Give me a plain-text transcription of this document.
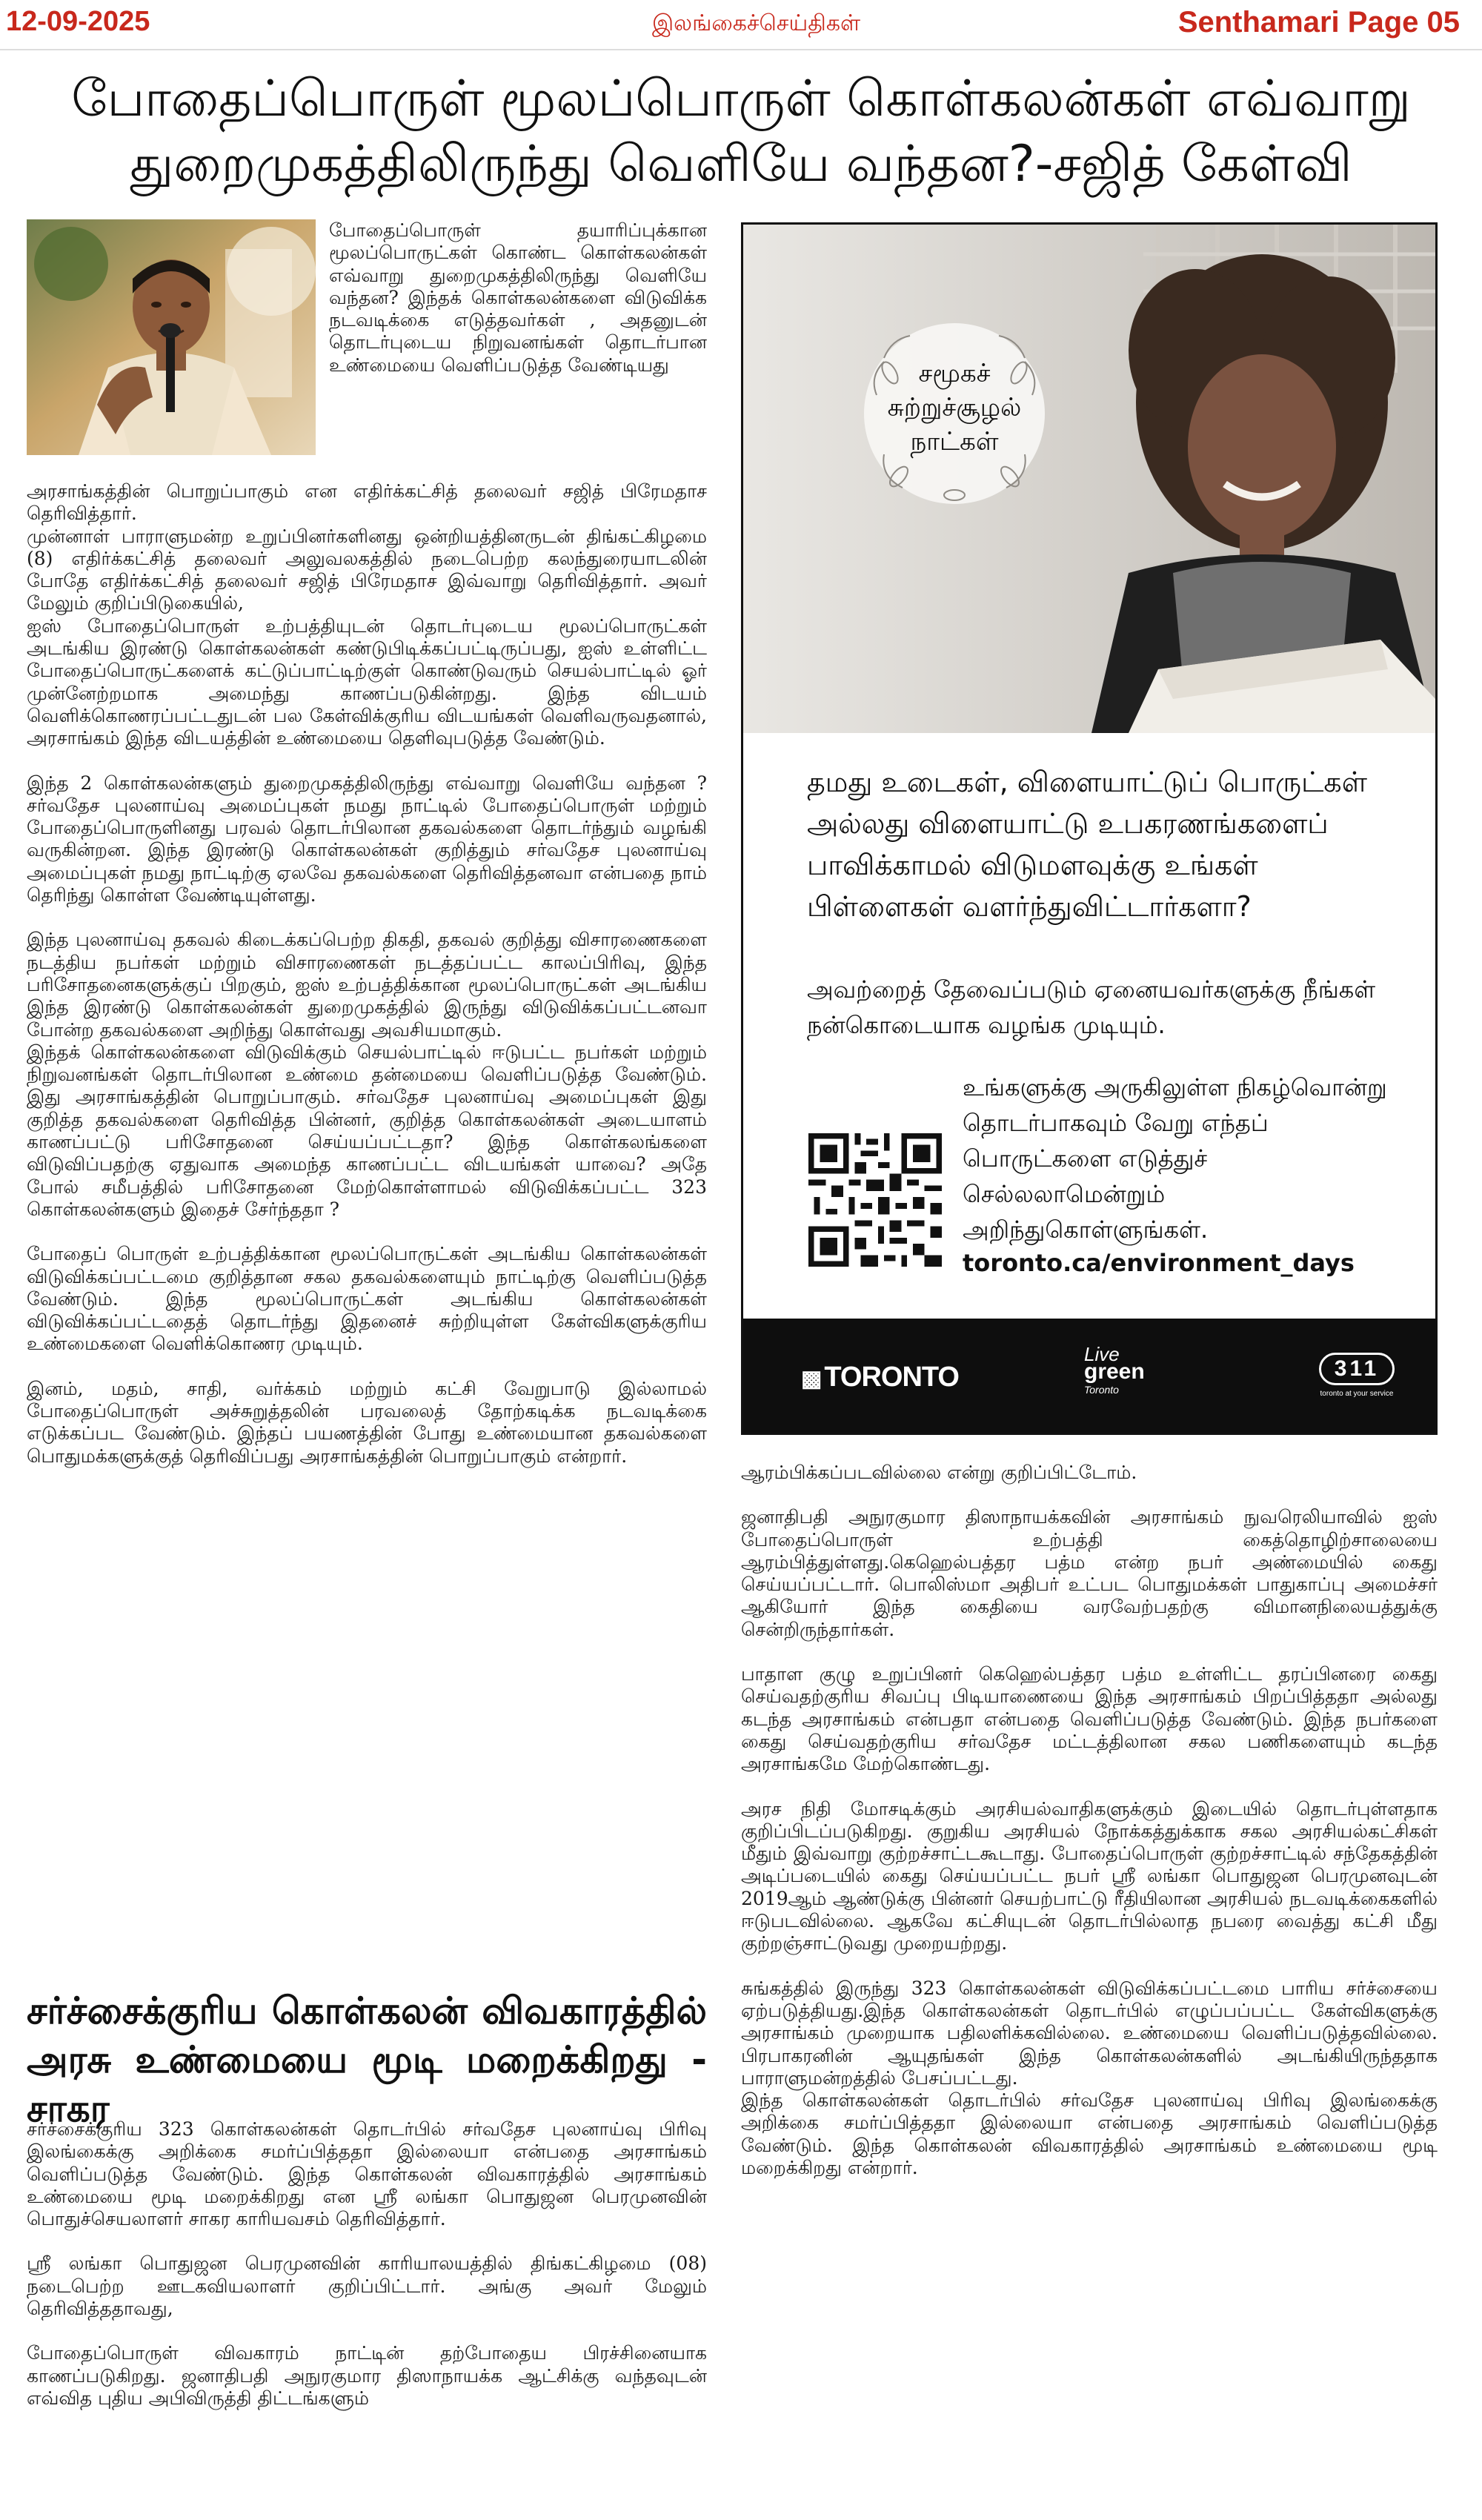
12-09-2025	இலங்கைச்செய்திகள்	Senthamari Page 05
போதைப்பொருள் மூலப்பொருள் கொள்கலன்கள் எவ்வாறு
துறைமுகத்திலிருந்து வெளியே வந்தன?-சஜித் கேள்வி

போதைப்பொருள் தயாரிப்புக்கான மூலப்பொருட்கள் கொண்ட கொள்கலன்கள் எவ்வாறு துறைமுகத்திலிருந்து வெளியே வந்தன? இந்தக் கொள்கலன்களை விடுவிக்க நடவடிக்கை எடுத்தவர்கள் , அதனுடன் தொடர்புடைய நிறுவனங்கள் தொடர்பான உண்மையை வெளிப்படுத்த வேண்டியது

அரசாங்கத்தின் பொறுப்பாகும் என எதிர்க்கட்சித் தலைவர் சஜித் பிரேமதாச தெரிவித்தார்.

முன்னாள் பாராளுமன்ற உறுப்பினர்களினது ஒன்றியத்தினருடன் திங்கட்கிழமை (8) எதிர்க்கட்சித் தலைவர் அலுவலகத்தில் நடைபெற்ற கலந்துரையாடலின் போதே எதிர்க்கட்சித் தலைவர் சஜித் பிரேமதாச இவ்வாறு தெரிவித்தார். அவர் மேலும் குறிப்பிடுகையில்,

ஐஸ் போதைப்பொருள் உற்பத்தியுடன் தொடர்புடைய மூலப்பொருட்கள் அடங்கிய இரண்டு கொள்கலன்கள் கண்டுபிடிக்கப்பட்டிருப்பது, ஐஸ் உள்ளிட்ட போதைப்பொருட்களைக் கட்டுப்பாட்டிற்குள் கொண்டுவரும் செயல்பாட்டில் ஓர் முன்னேற்றமாக அமைந்து காணப்படுகின்றது. இந்த விடயம் வெளிக்கொணரப்பட்டதுடன் பல கேள்விக்குரிய விடயங்கள் வெளிவருவதனால், அரசாங்கம் இந்த விடயத்தின் உண்மையை தெளிவுபடுத்த வேண்டும்.

இந்த 2 கொள்கலன்களும் துறைமுகத்திலிருந்து எவ்வாறு வெளியே வந்தன ? சர்வதேச புலனாய்வு அமைப்புகள் நமது நாட்டில் போதைப்பொருள் மற்றும் போதைப்பொருளினது பரவல் தொடர்பிலான தகவல்களை தொடர்ந்தும் வழங்கி வருகின்றன. இந்த இரண்டு கொள்கலன்கள் குறித்தும் சர்வதேச புலனாய்வு அமைப்புகள் நமது நாட்டிற்கு ஏலவே தகவல்களை தெரிவித்தனவா என்பதை நாம் தெரிந்து கொள்ள வேண்டியுள்ளது.

இந்த புலனாய்வு தகவல் கிடைக்கப்பெற்ற திகதி, தகவல் குறித்து விசாரணைகளை நடத்திய நபர்கள் மற்றும் விசாரணைகள் நடத்தப்பட்ட காலப்பிரிவு, இந்த பரிசோதனைகளுக்குப் பிறகும், ஐஸ் உற்பத்திக்கான மூலப்பொருட்கள் அடங்கிய இந்த இரண்டு கொள்கலன்கள் துறைமுகத்தில் இருந்து விடுவிக்கப்பட்டனவா போன்ற தகவல்களை அறிந்து கொள்வது அவசியமாகும்.

இந்தக் கொள்கலன்களை விடுவிக்கும் செயல்பாட்டில் ஈடுபட்ட நபர்கள் மற்றும் நிறுவனங்கள் தொடர்பிலான உண்மை தன்மையை வெளிப்படுத்த வேண்டும். இது அரசாங்கத்தின் பொறுப்பாகும். சர்வதேச புலனாய்வு அமைப்புகள் இது குறித்த தகவல்களை தெரிவித்த பின்னர், குறித்த கொள்கலன்கள் அடையாளம் காணப்பட்டு பரிசோதனை செய்யப்பட்டதா? இந்த கொள்கலங்களை விடுவிப்பதற்கு ஏதுவாக அமைந்த காணப்பட்ட விடயங்கள் யாவை? அதே போல் சமீபத்தில் பரிசோதனை மேற்கொள்ளாமல் விடுவிக்கப்பட்ட 323 கொள்கலன்களும் இதைச் சேர்ந்ததா ?

போதைப் பொருள் உற்பத்திக்கான மூலப்பொருட்கள் அடங்கிய கொள்கலன்கள் விடுவிக்கப்பட்டமை குறித்தான சகல தகவல்களையும் நாட்டிற்கு வெளிப்படுத்த வேண்டும். இந்த மூலப்பொருட்கள் அடங்கிய கொள்கலன்கள் விடுவிக்கப்பட்டதைத் தொடர்ந்து இதனைச் சுற்றியுள்ள கேள்விகளுக்குரிய உண்மைகளை வெளிக்கொணர முடியும்.

இனம், மதம், சாதி, வர்க்கம் மற்றும் கட்சி வேறுபாடு இல்லாமல் போதைப்பொருள் அச்சுறுத்தலின் பரவலைத் தோற்கடிக்க நடவடிக்கை எடுக்கப்பட வேண்டும். இந்தப் பயணத்தின் போது உண்மையான தகவல்களை பொதுமக்களுக்குத் தெரிவிப்பது அரசாங்கத்தின் பொறுப்பாகும் என்றார்.

சர்ச்சைக்குரிய கொள்கலன் விவகாரத்தில் அரசு உண்மையை மூடி மறைக்கிறது - சாகர

சர்ச்சைக்குரிய 323 கொள்கலன்கள் தொடர்பில் சர்வதேச புலனாய்வு பிரிவு இலங்கைக்கு அறிக்கை சமர்ப்பித்ததா இல்லையா என்பதை அரசாங்கம் வெளிப்படுத்த வேண்டும். இந்த கொள்கலன் விவகாரத்தில் அரசாங்கம் உண்மையை மூடி மறைக்கிறது என ஸ்ரீ லங்கா பொதுஜன பெரமுனவின் பொதுச்செயலாளர் சாகர காரியவசம் தெரிவித்தார்.

ஸ்ரீ லங்கா பொதுஜன பெரமுனவின் காரியாலயத்தில் திங்கட்கிழமை (08) நடைபெற்ற ஊடகவியலாளர் குறிப்பிட்டார். அங்கு அவர் மேலும் தெரிவித்ததாவது,

போதைப்பொருள் விவகாரம் நாட்டின் தற்போதைய பிரச்சினையாக காணப்படுகிறது. ஜனாதிபதி அநுரகுமார திஸாநாயக்க ஆட்சிக்கு வந்தவுடன் எவ்வித புதிய அபிவிருத்தி திட்டங்களும்

சமூகச்
சுற்றுச்சூழல்
நாட்கள்
தமது உடைகள், விளையாட்டுப் பொருட்கள் அல்லது விளையாட்டு உபகரணங்களைப் பாவிக்காமல் விடுமளவுக்கு உங்கள் பிள்ளைகள் வளர்ந்துவிட்டார்களா?
அவற்றைத் தேவைப்படும் ஏனையவர்களுக்கு நீங்கள் நன்கொடையாக வழங்க முடியும்.
உங்களுக்கு அருகிலுள்ள நிகழ்வொன்று தொடர்பாகவும் வேறு எந்தப் பொருட்களை எடுத்துச் செல்லலாமென்றும் அறிந்துகொள்ளுங்கள்.
toronto.ca/environment_days
▩ TORONTO
Live
green
Toronto
311
toronto at your service

ஆரம்பிக்கப்படவில்லை என்று குறிப்பிட்டோம்.

ஜனாதிபதி அநுரகுமார திஸாநாயக்கவின் அரசாங்கம் நுவரெலியாவில் ஐஸ் போதைப்பொருள் உற்பத்தி கைத்தொழிற்சாலையை ஆரம்பித்துள்ளது.கெஹெல்பத்தர பத்ம என்ற நபர் அண்மையில் கைது செய்யப்பட்டார். பொலிஸ்மா அதிபர் உட்பட பொதுமக்கள் பாதுகாப்பு அமைச்சர் ஆகியோர் இந்த கைதியை வரவேற்பதற்கு விமானநிலையத்துக்கு சென்றிருந்தார்கள்.

பாதாள குழு உறுப்பினர் கெஹெல்பத்தர பத்ம உள்ளிட்ட தரப்பினரை கைது செய்வதற்குரிய சிவப்பு பிடியாணையை இந்த அரசாங்கம் பிறப்பித்ததா அல்லது கடந்த அரசாங்கம் என்பதா என்பதை வெளிப்படுத்த வேண்டும். இந்த நபர்களை கைது செய்வதற்குரிய சர்வதேச மட்டத்திலான சகல பணிகளையும் கடந்த அரசாங்கமே மேற்கொண்டது.

அரச நிதி மோசடிக்கும் அரசியல்வாதிகளுக்கும் இடையில் தொடர்புள்ளதாக குறிப்பிடப்படுகிறது. குறுகிய அரசியல் நோக்கத்துக்காக சகல அரசியல்கட்சிகள் மீதும் இவ்வாறு குற்றச்சாட்டகூடாது. போதைப்பொருள் குற்றச்சாட்டில் சந்தேகத்தின் அடிப்படையில் கைது செய்யப்பட்ட நபர் ஸ்ரீ லங்கா பொதுஜன பெரமுனவுடன் 2019ஆம் ஆண்டுக்கு பின்னர் செயற்பாட்டு ரீதியிலான அரசியல் நடவடிக்கைகளில் ஈடுபடவில்லை. ஆகவே கட்சியுடன் தொடர்பில்லாத நபரை வைத்து கட்சி மீது குற்றஞ்சாட்டுவது முறையற்றது.

சுங்கத்தில் இருந்து 323 கொள்கலன்கள் விடுவிக்கப்பட்டமை பாரிய சர்ச்சையை ஏற்படுத்தியது.இந்த கொள்கலன்கள் தொடர்பில் எழுப்பப்பட்ட கேள்விகளுக்கு அரசாங்கம் முறையாக பதிலளிக்கவில்லை. உண்மையை வெளிப்படுத்தவில்லை. பிரபாகரனின் ஆயுதங்கள் இந்த கொள்கலன்களில் அடங்கியிருந்ததாக பாராளுமன்றத்தில் பேசப்பட்டது.

இந்த கொள்கலன்கள் தொடர்பில் சர்வதேச புலனாய்வு பிரிவு இலங்கைக்கு அறிக்கை சமர்ப்பித்ததா இல்லையா என்பதை அரசாங்கம் வெளிப்படுத்த வேண்டும். இந்த கொள்கலன் விவகாரத்தில் அரசாங்கம் உண்மையை மூடி மறைக்கிறது என்றார்.
